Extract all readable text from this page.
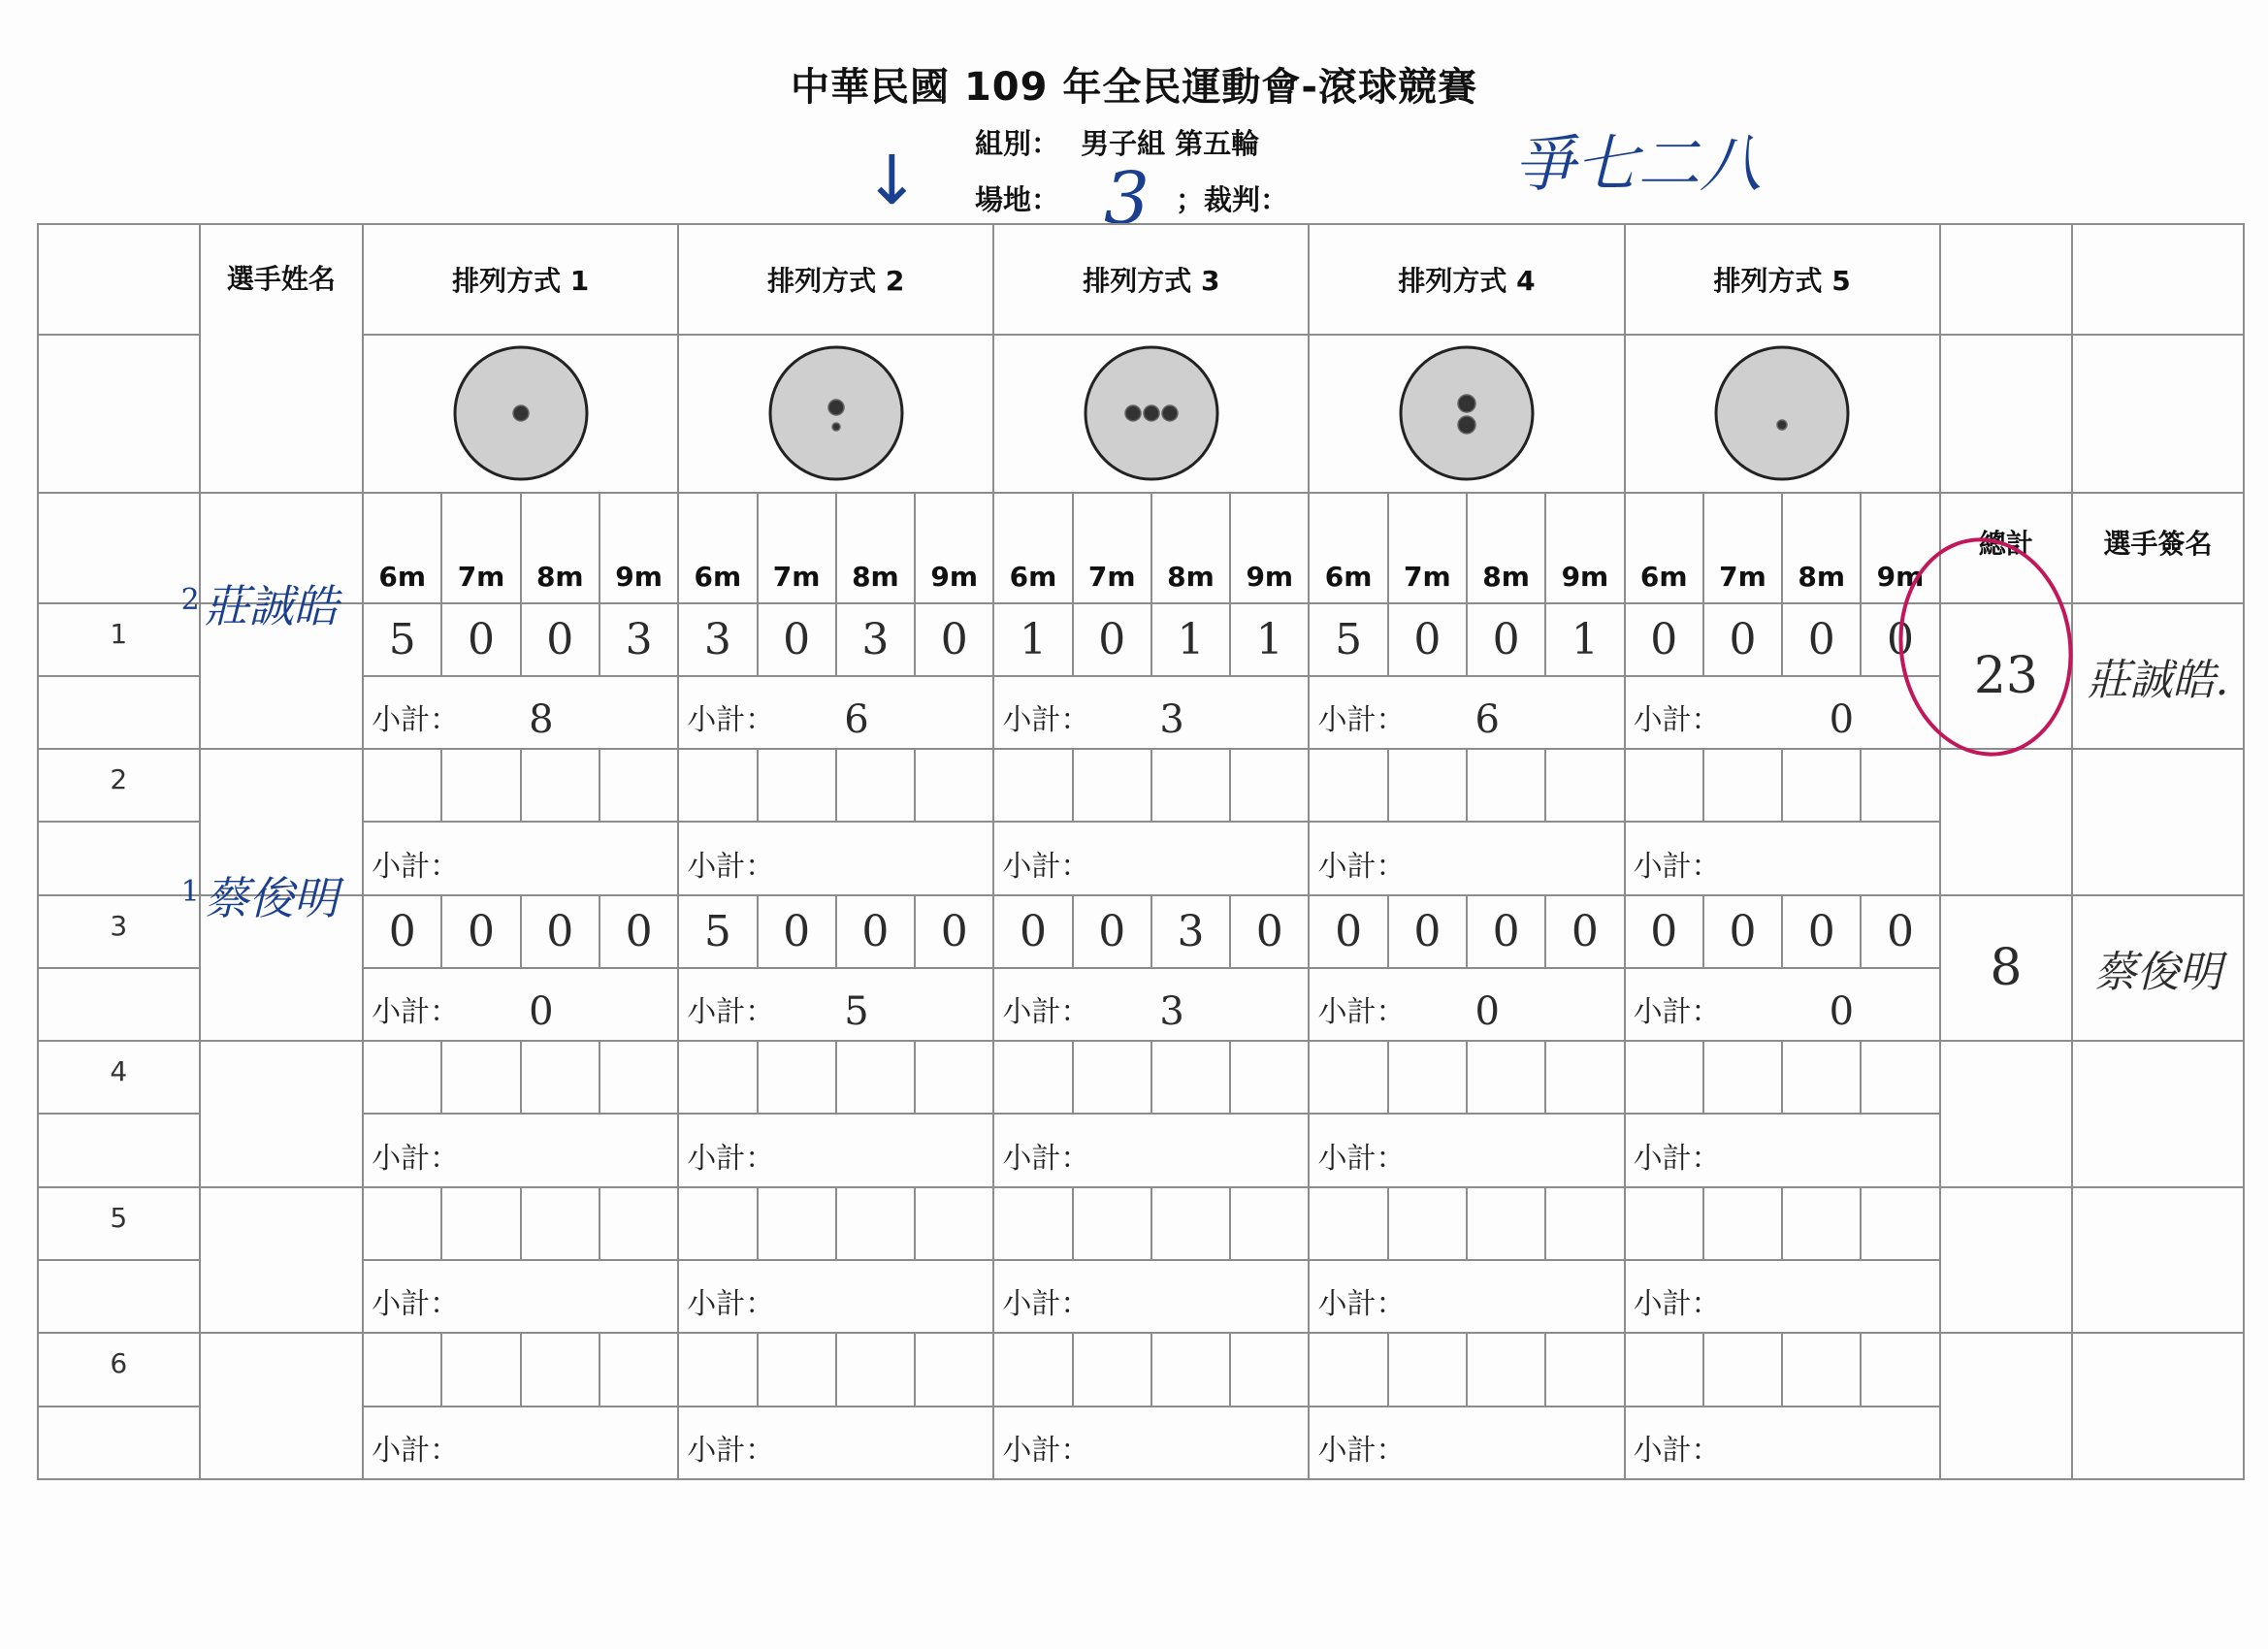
中華民國 109 年全民運動會-滾球競賽
組別： 男子組 第五輪
場地： 3 ；裁判：	爭七二八
↓
	選手姓名	排列方式 1				排列方式 2				排列方式 3				排列方式 4				排列方式 5					

		6m	7m	8m	9m	6m	7m	8m	9m	6m	7m	8m	9m	6m	7m	8m	9m	6m	7m	8m	9m	總計	選手簽名
1	2 莊誠皓	5	0	0	3	3	0	3	0	1	0	1	1	5	0	0	1	0	0	0	0	23	莊誠皓.

		小計： 8				小計： 6				小計： 3				小計： 6				小計： 0					

2	

		小計：				小計：				小計：				小計：				小計：					

3	1 蔡俊明	0	0	0	0	5	0	0	0	0	0	3	0	0	0	0	0	0	0	0	0	8	蔡俊明

		小計： 0				小計： 5				小計： 3				小計： 0				小計： 0					

4	

		小計：				小計：				小計：				小計：				小計：					

5	

		小計：				小計：				小計：				小計：				小計：					

6	

		小計：				小計：				小計：				小計：				小計：					
